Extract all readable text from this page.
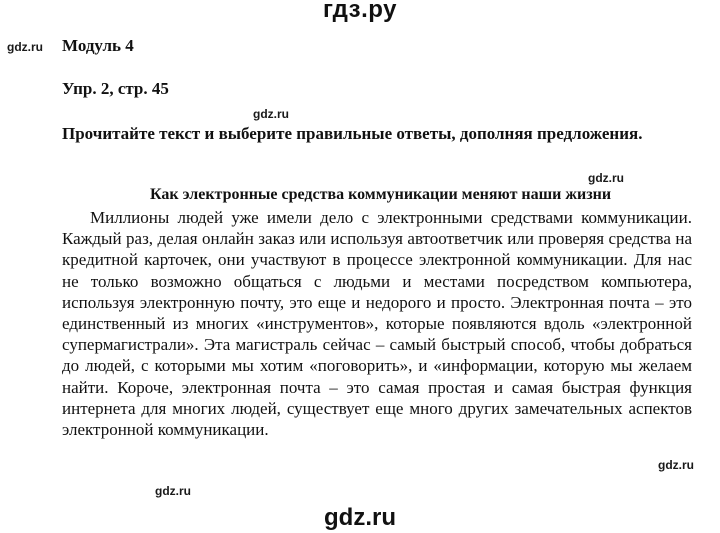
гдз.ру
gdz.ru Модуль 4
Упр. 2, стр. 45
gdz.ru

Прочитайте текст и выберите правильные ответы, дополняя предложения.

gdz.ru
Как электронные средства коммуникации меняют наши жизни

Миллионы людей уже имели дело с электронными средствами коммуникации. Каждый раз, делая онлайн заказ или используя автоответчик или проверяя средства на кредитной карточек, они участвуют в процессе электронной коммуникации. Для нас не только возможно общаться с людьми и местами посредством компьютера, используя электронную почту, это еще и недорого и просто. Электронная почта – это единственный из многих «инструментов», которые появляются вдоль «электронной супермагистрали». Эта магистраль сейчас – самый быстрый способ, чтобы добраться до людей, с которыми мы хотим «поговорить», и «информации, которую мы желаем найти. Короче, электронная почта – это самая простая и самая быстрая функция интернета для многих людей, существует еще много других замечательных аспектов электронной коммуникации.

gdz.ru
gdz.ru
gdz.ru
